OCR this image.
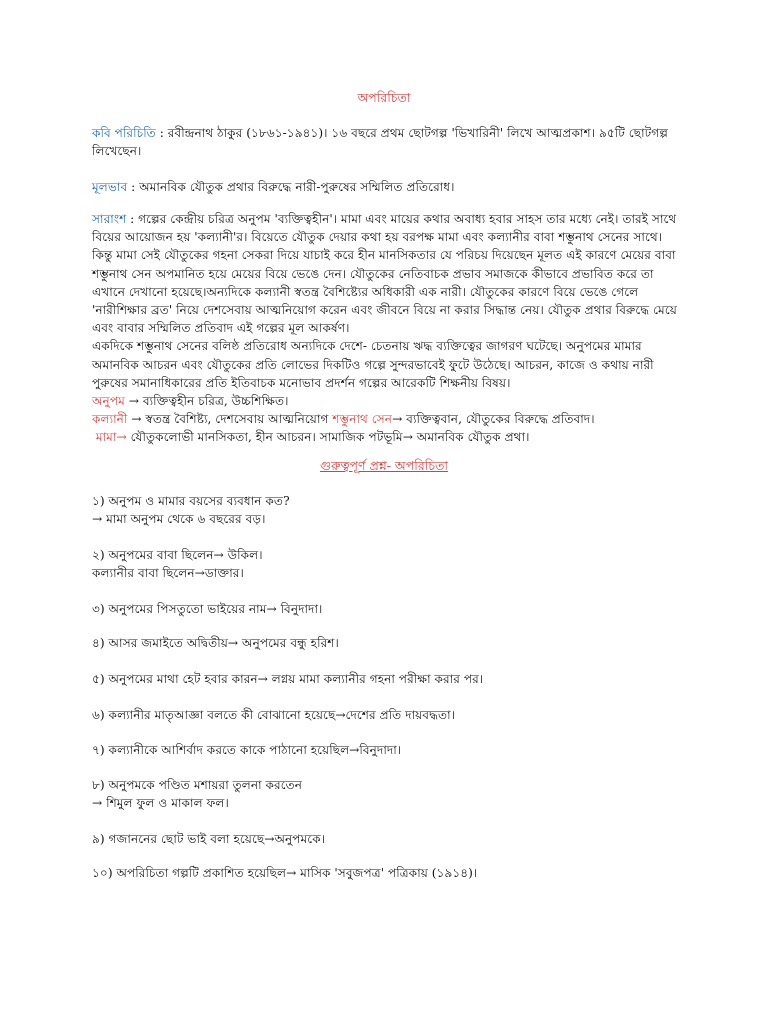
অপরিচিতা

কবি পরিচিতি : রবীন্দ্রনাথ ঠাকুর (১৮৬১-১৯৪১)। ১৬ বছরে প্রথম ছোটগল্প 'ভিখারিনী' লিখে আত্মপ্রকাশ। ৯৫টি ছোটগল্প লিখেছেন।

মূলভাব : অমানবিক যৌতুক প্রথার বিরুদ্ধে নারী-পুরুষের সম্মিলিত প্রতিরোধ।

সারাংশ : গল্পের কেন্দ্রীয় চরিত্র অনুপম 'ব্যক্তিত্বহীন'। মামা এবং মায়ের কথার অবাধ্য হবার সাহস তার মধ্যে নেই। তারই সাথে বিয়ের আয়োজন হয় 'কল্যানী'র। বিয়েতে যৌতুক দেয়ার কথা হয় বরপক্ষ মামা এবং কল্যানীর বাবা শম্ভুনাথ সেনের সাথে। কিন্তু মামা সেই যৌতুকের গহনা সেকরা দিয়ে যাচাই করে হীন মানসিকতার যে পরিচয় দিয়েছেন মূলত এই কারণে মেয়ের বাবা শম্ভুনাথ সেন অপমানিত হয়ে মেয়ের বিয়ে ভেঙে দেন। যৌতুকের নেতিবাচক প্রভাব সমাজকে কীভাবে প্রভাবিত করে তা এখানে দেখানো হয়েছে।অন্যদিকে কল্যানী স্বতন্ত্র বৈশিষ্ট্যের অধিকারী এক নারী। যৌতুকের কারণে বিয়ে ভেঙে গেলে 'নারীশিক্ষার ব্রত' নিয়ে দেশসেবায় আত্মনিয়োগ করেন এবং জীবনে বিয়ে না করার সিদ্ধান্ত নেয়। যৌতুক প্রথার বিরুদ্ধে মেয়ে এবং বাবার সম্মিলিত প্রতিবাদ এই গল্পের মূল আকর্ষণ।
একদিকে শম্ভুনাথ সেনের বলিষ্ঠ প্রতিরোধ অন্যদিকে দেশে- চেতনায় ঋদ্ধ ব্যক্তিত্বের জাগরণ ঘটেছে। অনুপমের মামার অমানবিক আচরন এবং যৌতুকের প্রতি লোভের দিকটিও গল্পে সুন্দরভাবেই ফুটে উঠেছে। আচরন, কাজে ও কথায় নারী পুরুষের সমানাধিকারের প্রতি ইতিবাচক মনোভাব প্রদর্শন গল্পের আরেকটি শিক্ষনীয় বিষয়।
অনুপম → ব্যক্তিত্বহীন চরিত্র, উচ্চশিক্ষিত।
কল্যানী → স্বতন্ত্র বৈশিষ্ট্য, দেশসেবায় আত্মনিয়োগ শম্ভুনাথ সেন→ ব্যক্তিত্ববান, যৌতুকের বিরুদ্ধে প্রতিবাদ।
মামা→ যৌতুকলোভী মানসিকতা, হীন আচরন। সামাজিক পটভূমি→ অমানবিক যৌতুক প্রথা।

গুরুত্বপূর্ণ প্রশ্ন- অপরিচিতা
১) অনুপম ও মামার বয়সের ব্যবধান কত?
→ মামা অনুপম থেকে ৬ বছরের বড়।
২) অনুপমের বাবা ছিলেন→ উকিল।
কল্যানীর বাবা ছিলেন→ডাক্তার।
৩) অনুপমের পিসতুতো ভাইয়ের নাম→ বিনুদাদা।
৪) আসর জমাইতে অদ্বিতীয়→ অনুপমের বন্ধু হরিশ।
৫) অনুপমের মাথা হেট হবার কারন→ লগ্নয় মামা কল্যানীর গহনা পরীক্ষা করার পর।
৬) কল্যানীর মাতৃআজ্ঞা বলতে কী বোঝানো হয়েছে→দেশের প্রতি দায়বদ্ধতা।
৭) কল্যানীকে আশির্বাদ করতে কাকে পাঠানো হয়েছিল→বিনুদাদা।
৮) অনুপমকে পণ্ডিত মশায়রা তুলনা করতেন
→ শিমুল ফুল ও মাকাল ফল।
৯) গজাননের ছোট ভাই বলা হয়েছে→অনুপমকে।
১০) অপরিচিতা গল্পটি প্রকাশিত হয়েছিল→ মাসিক 'সবুজপত্র' পত্রিকায় (১৯১৪)।
